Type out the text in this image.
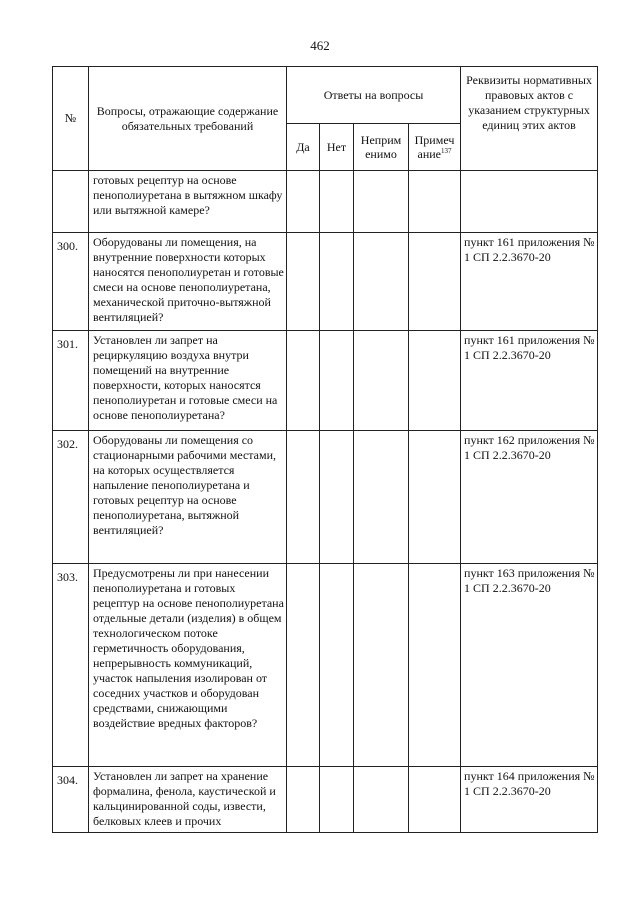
462
№	Вопросы, отражающие содержание обязательных требований	Ответы на вопросы				Реквизиты нормативных правовых актов с указанием структурных единиц этих актов
		Да	Нет	Неприм енимо	Примеч ание$^{137}$
	готовых рецептур на основе пенополиуретана в вытяжном шкафу или вытяжной камере?					
300.	Оборудованы ли помещения, на внутренние поверхности которых наносятся пенополиуретан и готовые смеси на основе пенополиуретана, механической приточно-вытяжной вентиляцией?					пункт 161 приложения № 1 СП 2.2.3670-20
301.	Установлен ли запрет на рециркуляцию воздуха внутри помещений на внутренние поверхности, которых наносятся пенополиуретан и готовые смеси на основе пенополиуретана?					пункт 161 приложения № 1 СП 2.2.3670-20
302.	Оборудованы ли помещения со стационарными рабочими местами, на которых осуществляется напыление пенополиуретана и готовых рецептур на основе пенополиуретана, вытяжной вентиляцией?					пункт 162 приложения № 1 СП 2.2.3670-20
303.	Предусмотрены ли при нанесении пенополиуретана и готовых рецептур на основе пенополиуретана отдельные детали (изделия) в общем технологическом потоке герметичность оборудования, непрерывность коммуникаций, участок напыления изолирован от соседних участков и оборудован средствами, снижающими воздействие вредных факторов?					пункт 163 приложения № 1 СП 2.2.3670-20
304.	Установлен ли запрет на хранение формалина, фенола, каустической и кальцинированной соды, извести, белковых клеев и прочих					пункт 164 приложения № 1 СП 2.2.3670-20
